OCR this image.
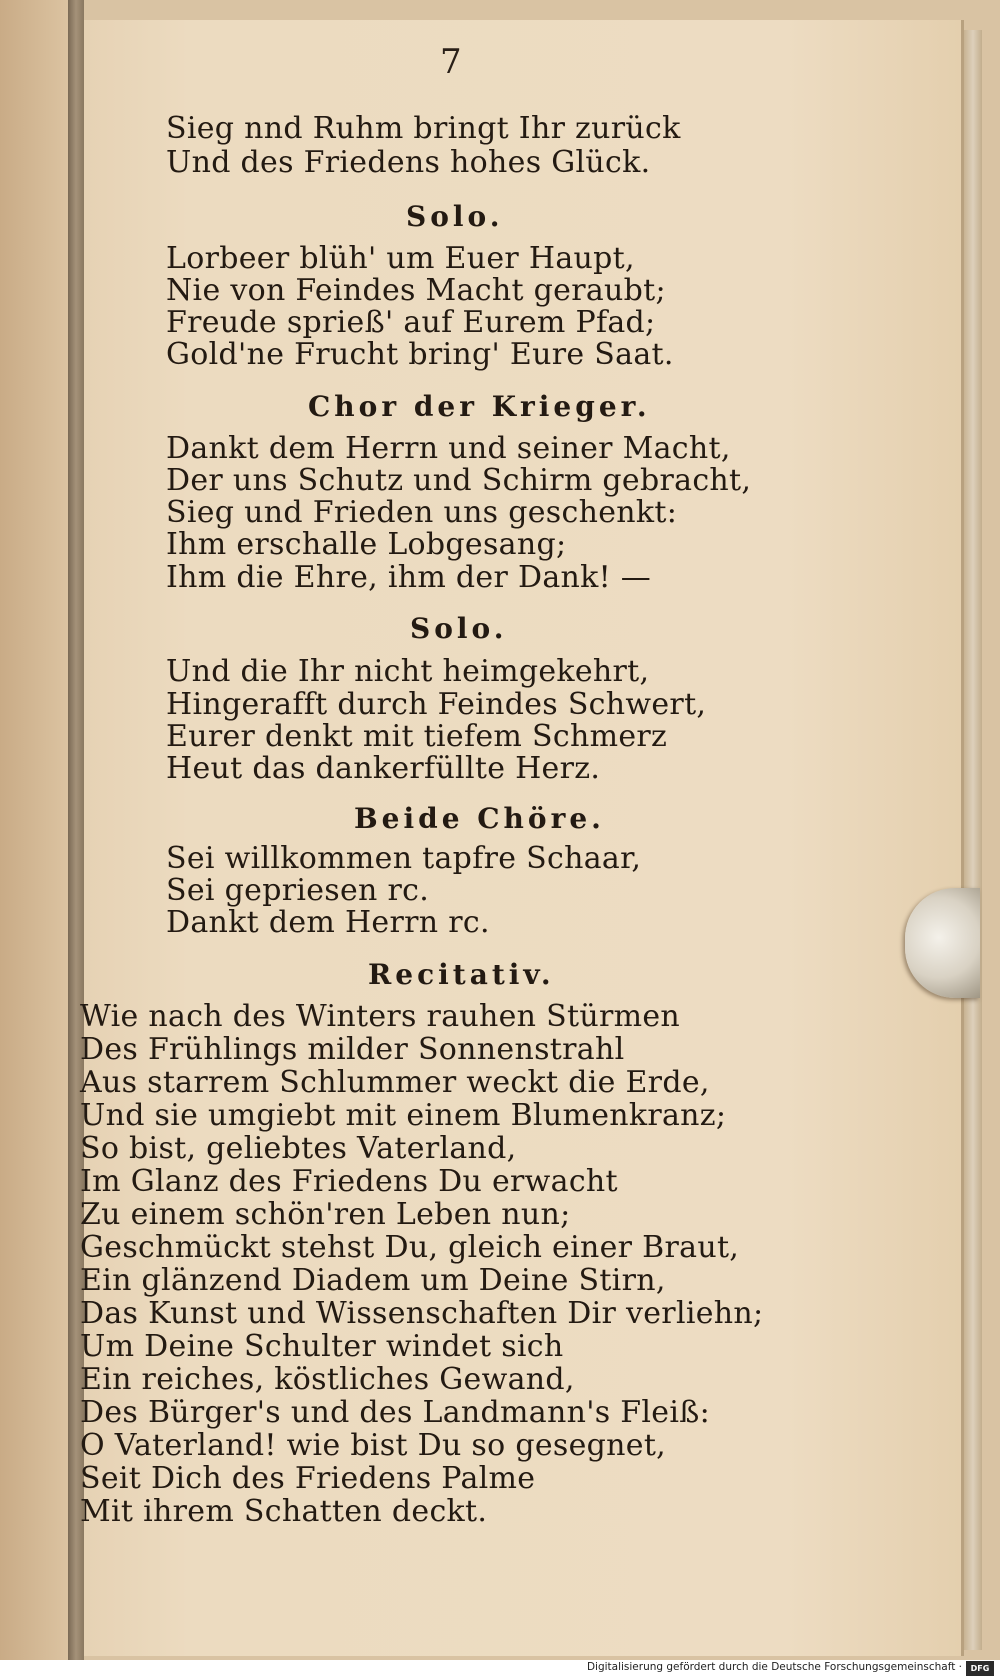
7
Sieg nnd Ruhm bringt Ihr zurück
Und des Friedens hohes Glück.
Solo.
Lorbeer blüh' um Euer Haupt,
Nie von Feindes Macht geraubt;
Freude sprieß' auf Eurem Pfad;
Gold'ne Frucht bring' Eure Saat.
Chor der Krieger.
Dankt dem Herrn und seiner Macht,
Der uns Schutz und Schirm gebracht,
Sieg und Frieden uns geschenkt:
Ihm erschalle Lobgesang;
Ihm die Ehre, ihm der Dank! —
Solo.
Und die Ihr nicht heimgekehrt,
Hingerafft durch Feindes Schwert,
Eurer denkt mit tiefem Schmerz
Heut das dankerfüllte Herz.
Beide Chöre.
Sei willkommen tapfre Schaar,
Sei gepriesen rc.
Dankt dem Herrn rc.
Recitativ.
Wie nach des Winters rauhen Stürmen
Des Frühlings milder Sonnenstrahl
Aus starrem Schlummer weckt die Erde,
Und sie umgiebt mit einem Blumenkranz;
So bist, geliebtes Vaterland,
Im Glanz des Friedens Du erwacht
Zu einem schön'ren Leben nun;
Geschmückt stehst Du, gleich einer Braut,
Ein glänzend Diadem um Deine Stirn,
Das Kunst und Wissenschaften Dir verliehn;
Um Deine Schulter windet sich
Ein reiches, köstliches Gewand,
Des Bürger's und des Landmann's Fleiß:
O Vaterland! wie bist Du so gesegnet,
Seit Dich des Friedens Palme
Mit ihrem Schatten deckt.
Digitalisierung gefördert durch die Deutsche Forschungsgemeinschaft ·	DFG
